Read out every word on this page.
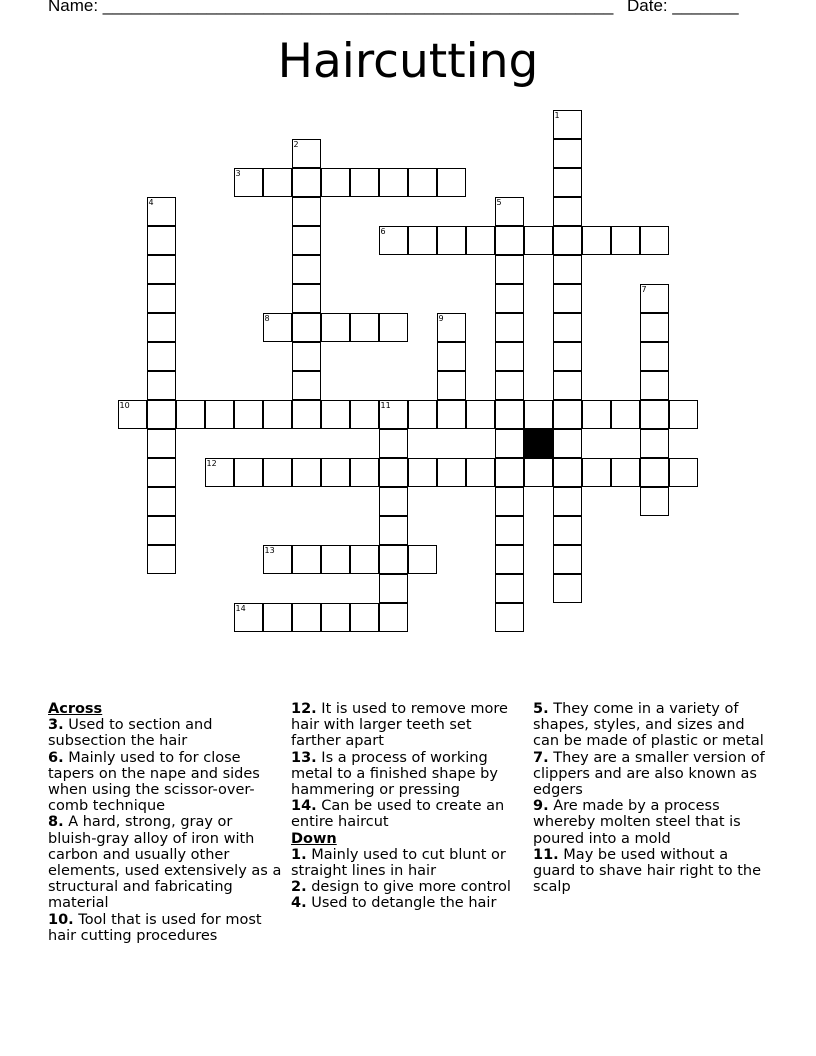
Name: ______________________________________________________ Date: _______
Haircutting
1
2
3
4	5
6
7
8	9
10	11
12
13
14
Across
3. Used to section and subsection the hair
6. Mainly used to for close tapers on the nape and sides when using the scissor-over-comb technique
8. A hard, strong, gray or bluish-gray alloy of iron with carbon and usually other elements, used extensively as a structural and fabricating material
10. Tool that is used for most hair cutting procedures
12. It is used to remove more hair with larger teeth set farther apart
13. Is a process of working metal to a finished shape by hammering or pressing
14. Can be used to create an entire haircut
Down
1. Mainly used to cut blunt or straight lines in hair
2. design to give more control
4. Used to detangle the hair
5. They come in a variety of shapes, styles, and sizes and can be made of plastic or metal
7. They are a smaller version of clippers and are also known as edgers
9. Are made by a process whereby molten steel that is poured into a mold
11. May be used without a guard to shave hair right to the scalp
